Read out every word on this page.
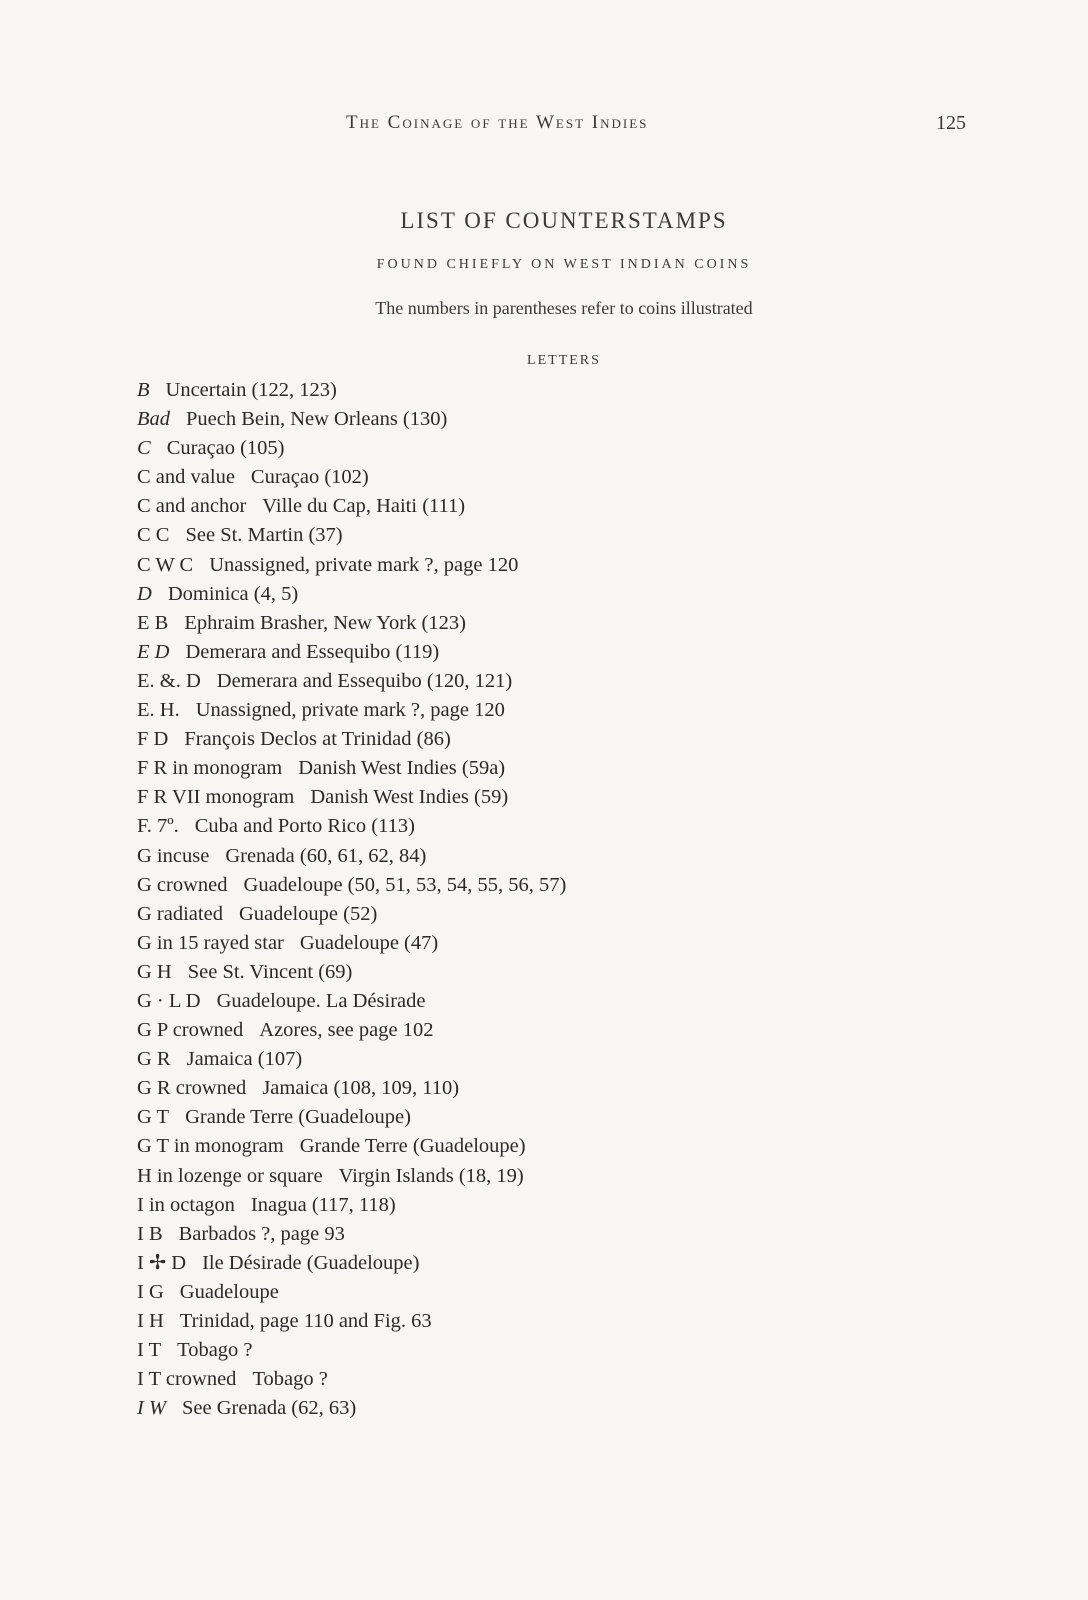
The Coinage of the West Indies	125
LIST OF COUNTERSTAMPS
FOUND CHIEFLY ON WEST INDIAN COINS
The numbers in parentheses refer to coins illustrated
LETTERS
B Uncertain (122, 123)
Bad Puech Bein, New Orleans (130)
C Curaçao (105)
C and value Curaçao (102)
C and anchor Ville du Cap, Haiti (111)
C C See St. Martin (37)
C W C Unassigned, private mark ?, page 120
D Dominica (4, 5)
E B Ephraim Brasher, New York (123)
E D Demerara and Essequibo (119)
E. &. D Demerara and Essequibo (120, 121)
E. H. Unassigned, private mark ?, page 120
F D François Declos at Trinidad (86)
F R in monogram Danish West Indies (59a)
F R VII monogram Danish West Indies (59)
F. 7º. Cuba and Porto Rico (113)
G incuse Grenada (60, 61, 62, 84)
G crowned Guadeloupe (50, 51, 53, 54, 55, 56, 57)
G radiated Guadeloupe (52)
G in 15 rayed star Guadeloupe (47)
G H See St. Vincent (69)
G · L D Guadeloupe. La Désirade
G P crowned Azores, see page 102
G R Jamaica (107)
G R crowned Jamaica (108, 109, 110)
G T Grande Terre (Guadeloupe)
G T in monogram Grande Terre (Guadeloupe)
H in lozenge or square Virgin Islands (18, 19)
I in octagon Inagua (117, 118)
I B Barbados ?, page 93
I ✢ D Ile Désirade (Guadeloupe)
I G Guadeloupe
I H Trinidad, page 110 and Fig. 63
I T Tobago ?
I T crowned Tobago ?
I W See Grenada (62, 63)
